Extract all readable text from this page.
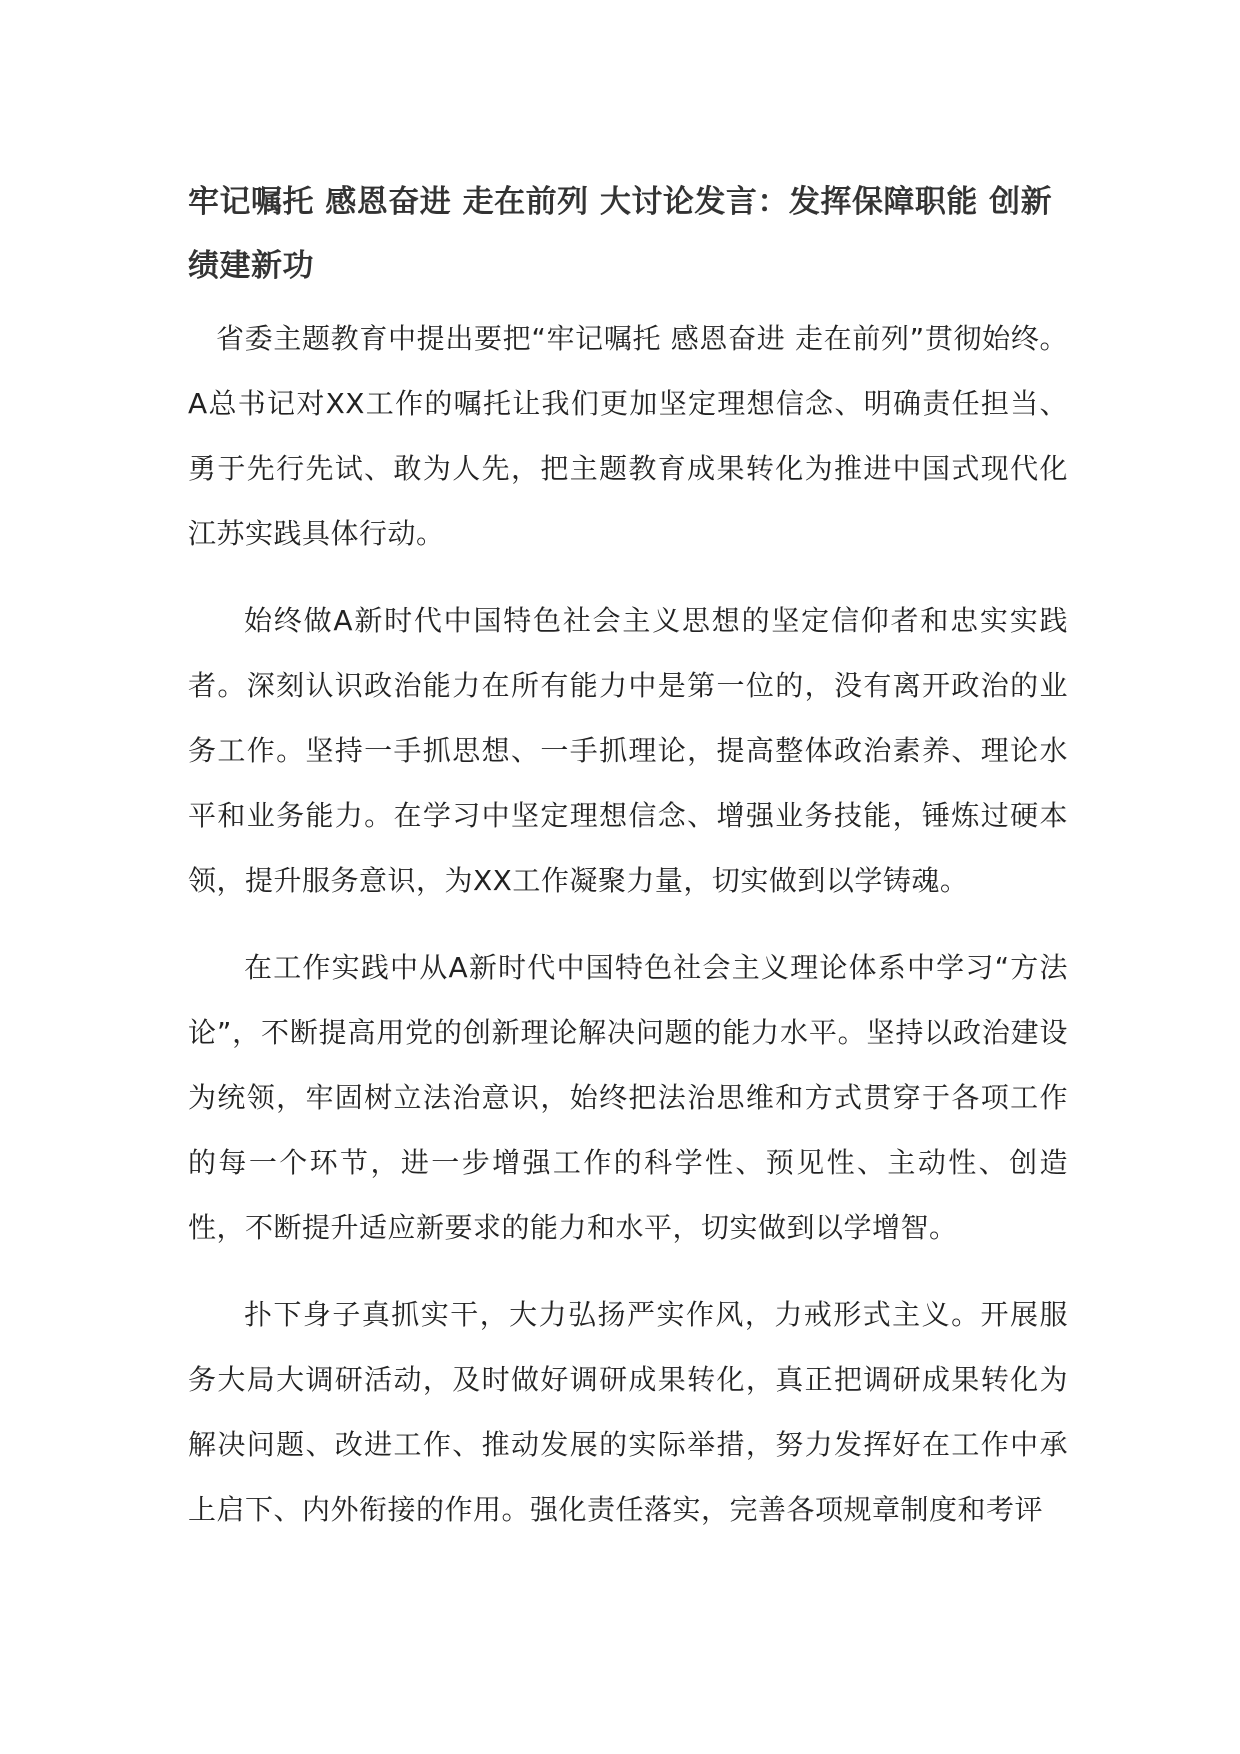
牢记嘱托 感恩奋进 走在前列 大讨论发言：发挥保障职能 创新绩建新功

省委主题教育中提出要把“牢记嘱托 感恩奋进 走在前列”贯彻始终。A总书记对XX工作的嘱托让我们更加坚定理想信念、明确责任担当、勇于先行先试、敢为人先，把主题教育成果转化为推进中国式现代化江苏实践具体行动。

始终做A新时代中国特色社会主义思想的坚定信仰者和忠实实践者。深刻认识政治能力在所有能力中是第一位的，没有离开政治的业务工作。坚持一手抓思想、一手抓理论，提高整体政治素养、理论水平和业务能力。在学习中坚定理想信念、增强业务技能，锤炼过硬本领，提升服务意识，为XX工作凝聚力量，切实做到以学铸魂。

在工作实践中从A新时代中国特色社会主义理论体系中学习“方法论”，不断提高用党的创新理论解决问题的能力水平。坚持以政治建设为统领，牢固树立法治意识，始终把法治思维和方式贯穿于各项工作的每一个环节，进一步增强工作的科学性、预见性、主动性、创造性，不断提升适应新要求的能力和水平，切实做到以学增智。

扑下身子真抓实干，大力弘扬严实作风，力戒形式主义。开展服务大局大调研活动，及时做好调研成果转化，真正把调研成果转化为解决问题、改进工作、推动发展的实际举措，努力发挥好在工作中承上启下、内外衔接的作用。强化责任落实，完善各项规章制度和考评
